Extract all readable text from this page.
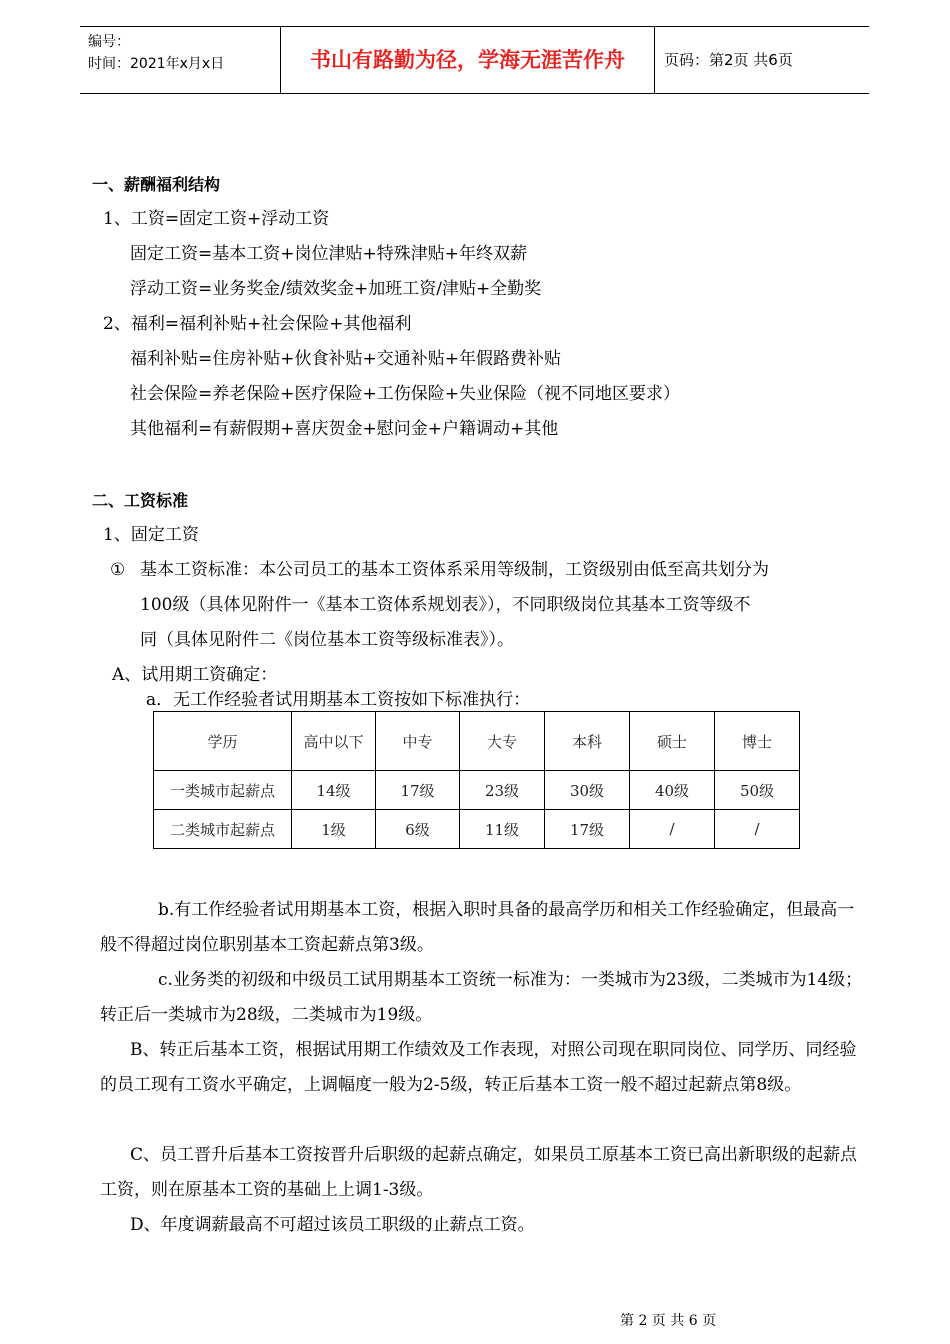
编号：
时间：2021年x月x日	书山有路勤为径，学海无涯苦作舟	页码：第2页 共6页
一、薪酬福利结构
1、工资=固定工资+浮动工资
固定工资=基本工资+岗位津贴+特殊津贴+年终双薪
浮动工资=业务奖金/绩效奖金+加班工资/津贴+全勤奖
2、福利=福利补贴+社会保险+其他福利
福利补贴=住房补贴+伙食补贴+交通补贴+年假路费补贴
社会保险=养老保险+医疗保险+工伤保险+失业保险（视不同地区要求）
其他福利=有薪假期+喜庆贺金+慰问金+户籍调动+其他
二、工资标准
1、固定工资
① 基本工资标准：本公司员工的基本工资体系采用等级制，工资级别由低至高共划分为
100级（具体见附件一《基本工资体系规划表》），不同职级岗位其基本工资等级不
同（具体见附件二《岗位基本工资等级标准表》）。
A、试用期工资确定：
a．无工作经验者试用期基本工资按如下标准执行：
学历	高中以下	中专	大专	本科	硕士	博士
一类城市起薪点	14级	17级	23级	30级	40级	50级
二类城市起薪点	1级	6级	11级	17级	/	/
b.有工作经验者试用期基本工资，根据入职时具备的最高学历和相关工作经验确定，但最高一般不得超过岗位职别基本工资起薪点第3级。
c.业务类的初级和中级员工试用期基本工资统一标准为：一类城市为23级，二类城市为14级；转正后一类城市为28级，二类城市为19级。
B、转正后基本工资，根据试用期工作绩效及工作表现，对照公司现在职同岗位、同学历、同经验的员工现有工资水平确定，上调幅度一般为2-5级，转正后基本工资一般不超过起薪点第8级。
C、员工晋升后基本工资按晋升后职级的起薪点确定，如果员工原基本工资已高出新职级的起薪点工资，则在原基本工资的基础上上调1-3级。
D、年度调薪最高不可超过该员工职级的止薪点工资。
第 2 页 共 6 页
